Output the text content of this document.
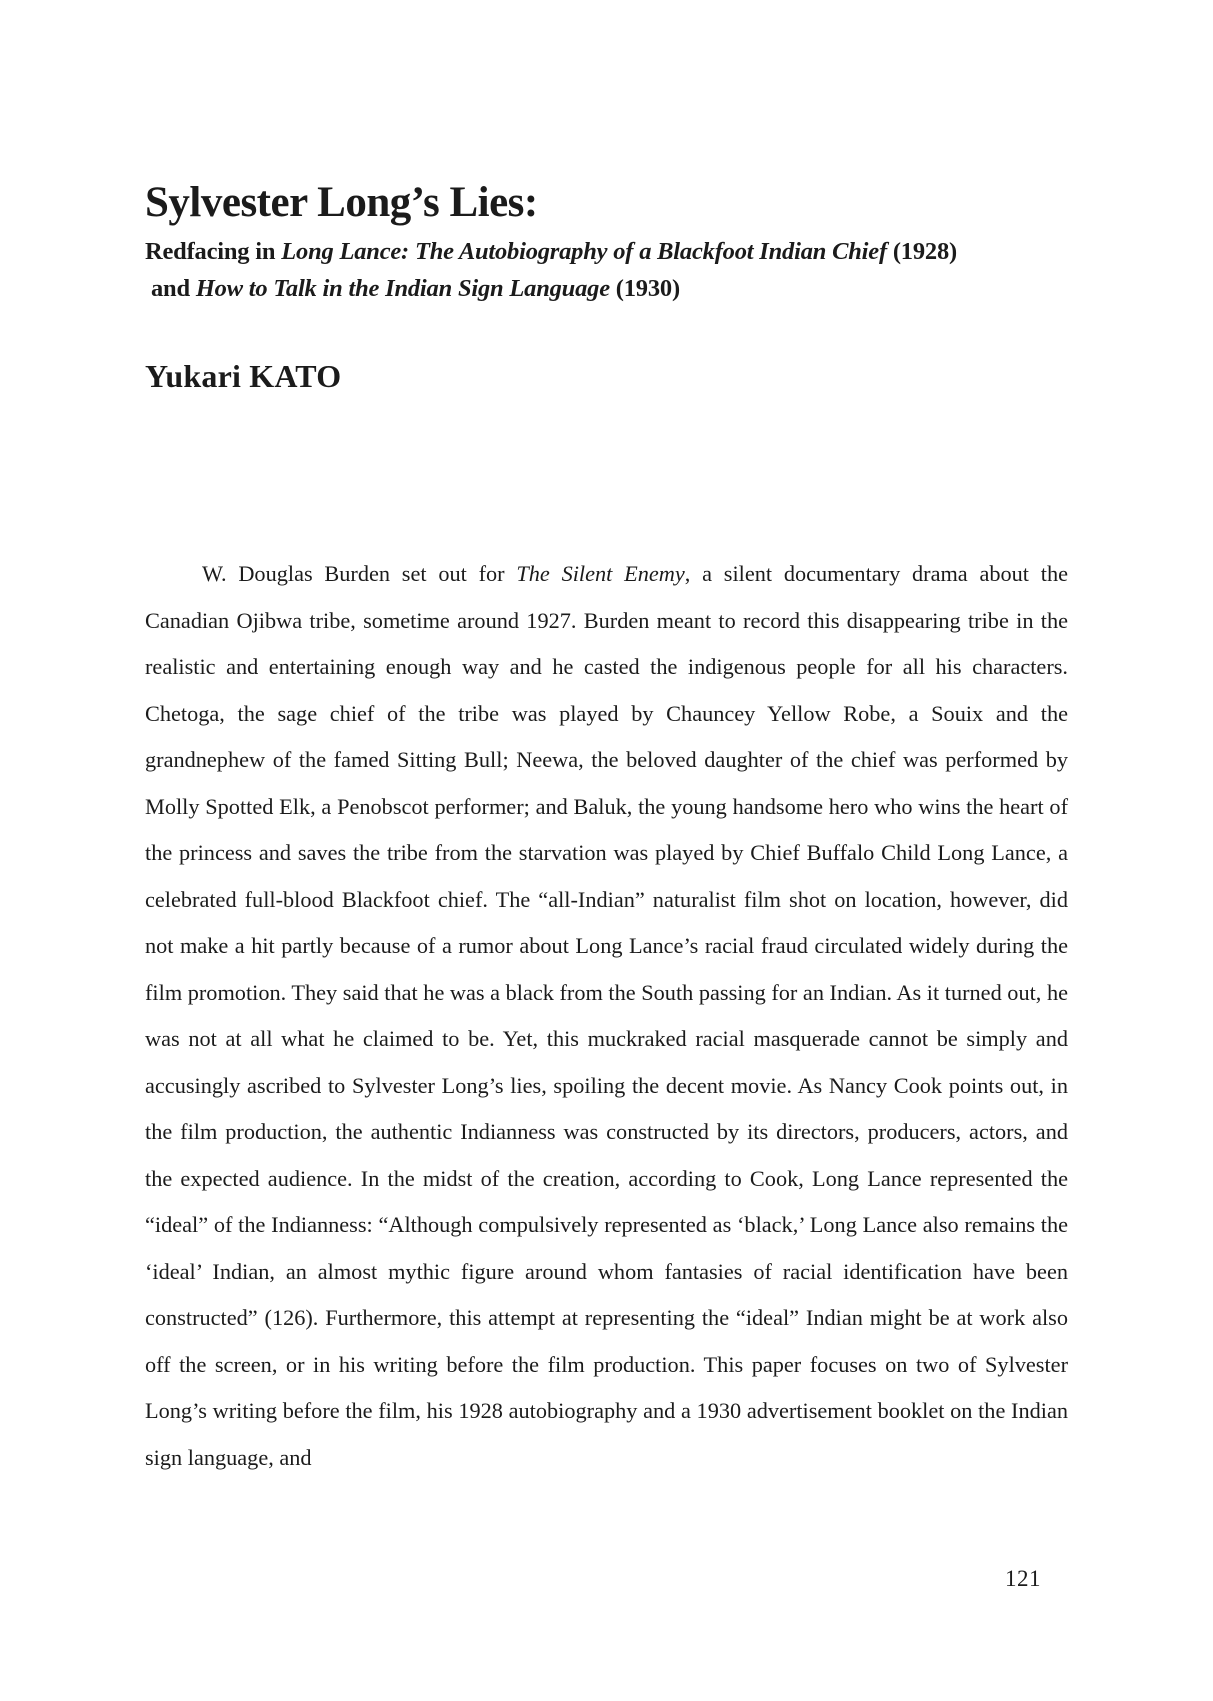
Sylvester Long’s Lies:
Redfacing in Long Lance: The Autobiography of a Blackfoot Indian Chief (1928)
and How to Talk in the Indian Sign Language (1930)
Yukari KATO

W. Douglas Burden set out for The Silent Enemy, a silent documentary drama about the Canadian Ojibwa tribe, sometime around 1927. Burden meant to record this disappearing tribe in the realistic and entertaining enough way and he casted the indigenous people for all his characters. Chetoga, the sage chief of the tribe was played by Chauncey Yellow Robe, a Souix and the grandnephew of the famed Sitting Bull; Neewa, the beloved daughter of the chief was performed by Molly Spotted Elk, a Penobscot performer; and Baluk, the young handsome hero who wins the heart of the princess and saves the tribe from the starvation was played by Chief Buffalo Child Long Lance, a celebrated full-blood Blackfoot chief. The “all-Indian” naturalist film shot on location, however, did not make a hit partly because of a rumor about Long Lance’s racial fraud circulated widely during the film promotion. They said that he was a black from the South passing for an Indian. As it turned out, he was not at all what he claimed to be. Yet, this muckraked racial masquerade cannot be simply and accusingly ascribed to Sylvester Long’s lies, spoiling the decent movie. As Nancy Cook points out, in the film production, the authentic Indianness was constructed by its directors, producers, actors, and the expected audience. In the midst of the creation, according to Cook, Long Lance represented the “ideal” of the Indianness: “Although compulsively represented as ‘black,’ Long Lance also remains the ‘ideal’ Indian, an almost mythic figure around whom fantasies of racial identification have been constructed” (126). Furthermore, this attempt at representing the “ideal” Indian might be at work also off the screen, or in his writing before the film production. This paper focuses on two of Sylvester Long’s writing before the film, his 1928 autobiography and a 1930 advertisement booklet on the Indian sign language, and

121
